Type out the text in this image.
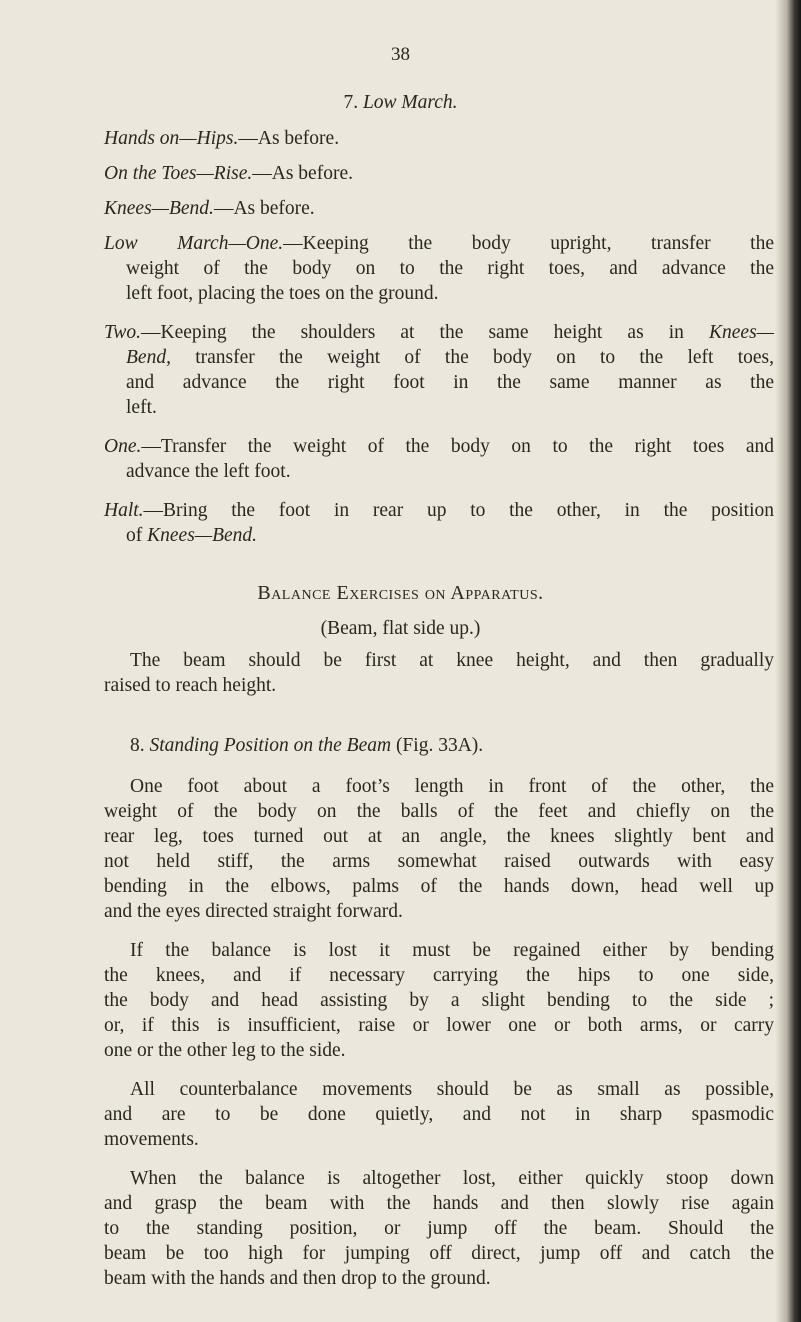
38
7. Low March.
Hands on—Hips.—As before.
On the Toes—Rise.—As before.
Knees—Bend.—As before.
Low March—One.—Keeping the body upright, transfer the
weight of the body on to the right toes, and advance the
left foot, placing the toes on the ground.
Two.—Keeping the shoulders at the same height as in Knees—
Bend, transfer the weight of the body on to the left toes,
and advance the right foot in the same manner as the
left.
One.—Transfer the weight of the body on to the right toes and
advance the left foot.
Halt.—Bring the foot in rear up to the other, in the position
of Knees—Bend.
Balance Exercises on Apparatus.
(Beam, flat side up.)
The beam should be first at knee height, and then gradually
raised to reach height.
8. Standing Position on the Beam (Fig. 33A).
One foot about a foot’s length in front of the other, the
weight of the body on the balls of the feet and chiefly on the
rear leg, toes turned out at an angle, the knees slightly bent and
not held stiff, the arms somewhat raised outwards with easy
bending in the elbows, palms of the hands down, head well up
and the eyes directed straight forward.
If the balance is lost it must be regained either by bending
the knees, and if necessary carrying the hips to one side,
the body and head assisting by a slight bending to the side ;
or, if this is insufficient, raise or lower one or both arms, or carry
one or the other leg to the side.
All counterbalance movements should be as small as possible,
and are to be done quietly, and not in sharp spasmodic
movements.
When the balance is altogether lost, either quickly stoop down
and grasp the beam with the hands and then slowly rise again
to the standing position, or jump off the beam. Should the
beam be too high for jumping off direct, jump off and catch the
beam with the hands and then drop to the ground.
